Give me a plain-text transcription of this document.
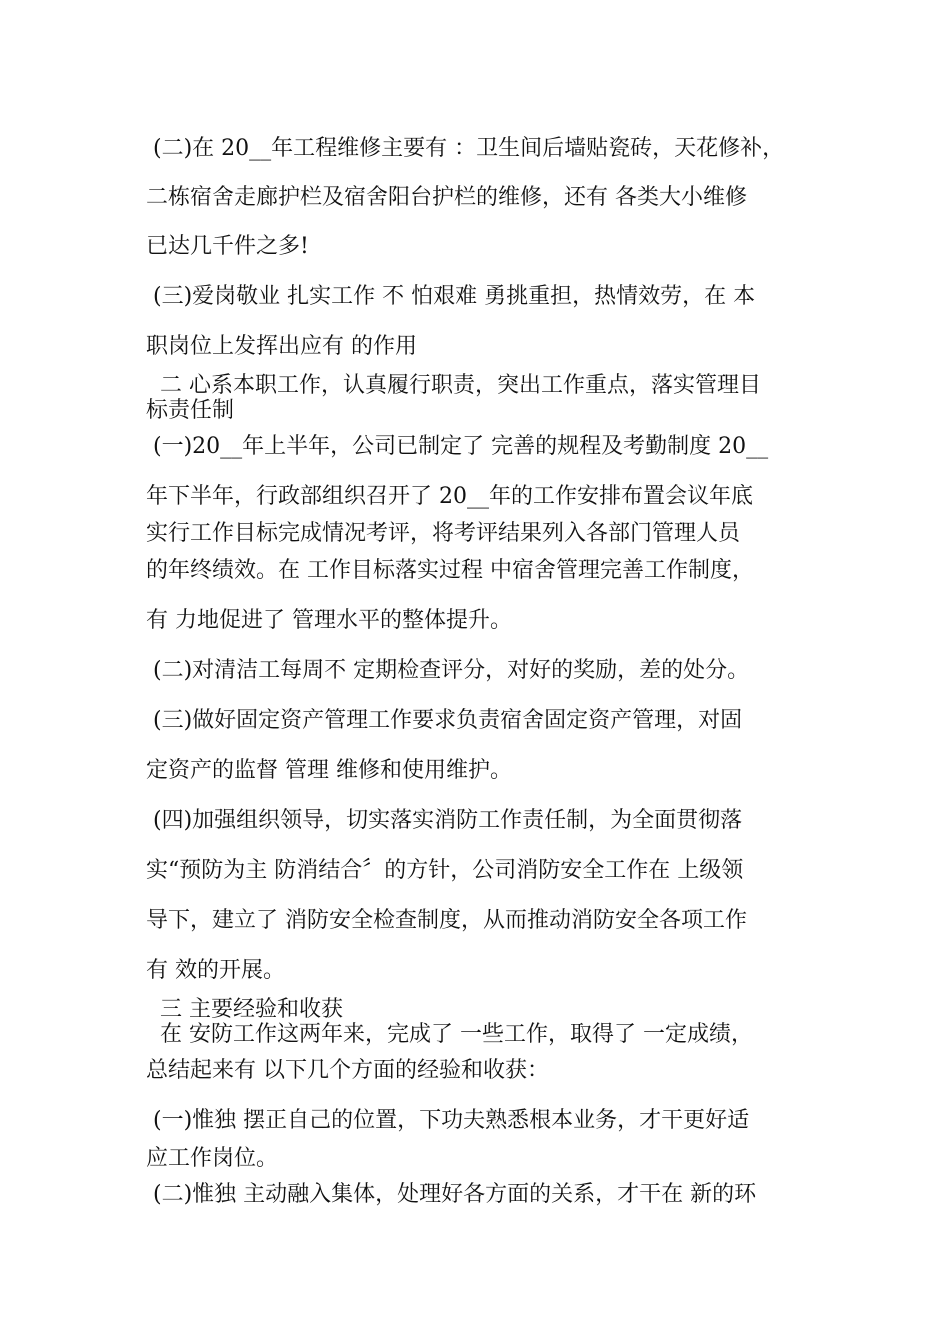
(二)在 20__年工程维修主要有 ：卫生间后墙贴瓷砖，天花修补，
二栋宿舍走廊护栏及宿舍阳台护栏的维修，还有 各类大小维修
已达几千件之多!
(三)爱岗敬业 扎实工作 不 怕艰难 勇挑重担，热情效劳，在 本
职岗位上发挥出应有 的作用
二 心系本职工作，认真履行职责，突出工作重点，落实管理目
标责任制
(一)20__年上半年，公司已制定了 完善的规程及考勤制度 20__
年下半年，行政部组织召开了 20__年的工作安排布置会议年底
实行工作目标完成情况考评，将考评结果列入各部门管理人员
的年终绩效。在 工作目标落实过程 中宿舍管理完善工作制度，
有 力地促进了 管理水平的整体提升。
(二)对清洁工每周不 定期检查评分，对好的奖励，差的处分。
(三)做好固定资产管理工作要求负责宿舍固定资产管理，对固
定资产的监督 管理 维修和使用维护。
(四)加强组织领导，切实落实消防工作责任制，为全面贯彻落
实“预防为主 防消结合〞的方针，公司消防安全工作在 上级领
导下，建立了 消防安全检查制度，从而推动消防安全各项工作
有 效的开展。
三 主要经验和收获
在 安防工作这两年来，完成了 一些工作，取得了 一定成绩，
总结起来有 以下几个方面的经验和收获：
(一)惟独 摆正自己的位置，下功夫熟悉根本业务，才干更好适
应工作岗位。
(二)惟独 主动融入集体，处理好各方面的关系，才干在 新的环
